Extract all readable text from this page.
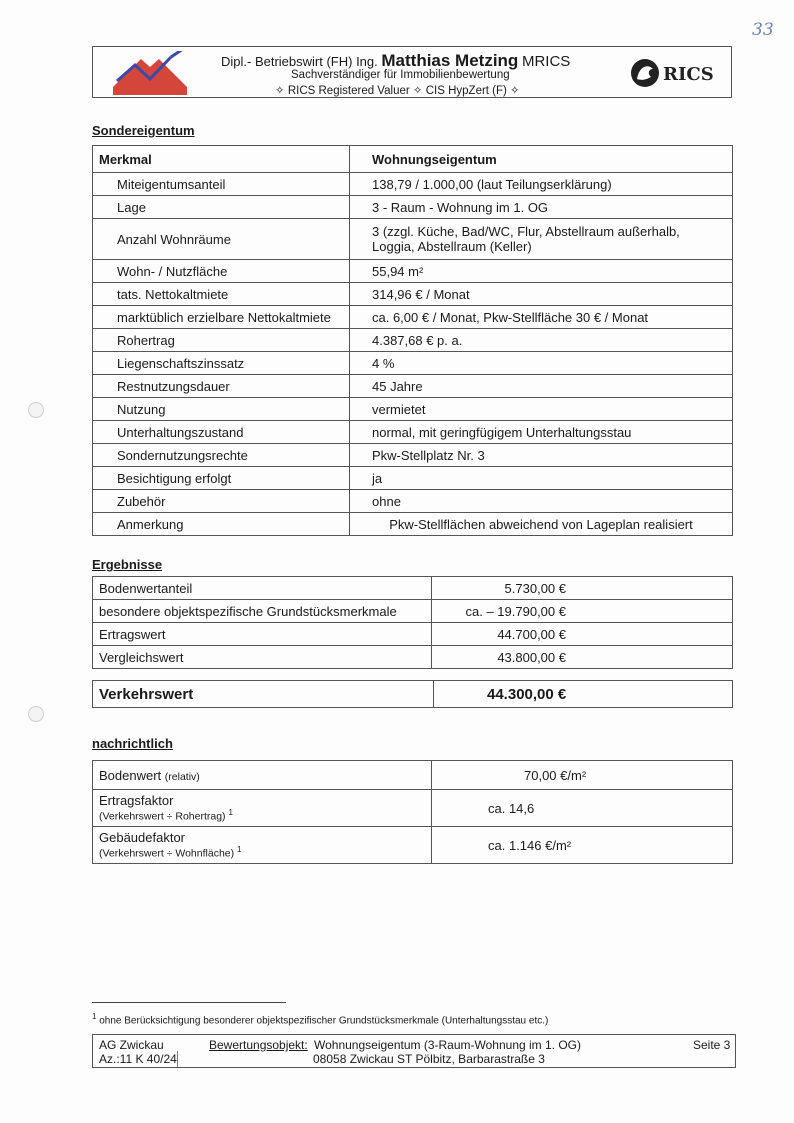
33
Dipl.- Betriebswirt (FH) Ing. Matthias Metzing MRICS
Sachverständiger für Immobilienbewertung
✧ RICS Registered Valuer ✧ CIS HypZert (F) ✧
RICS
Sondereigentum
Merkmal	Wohnungseigentum
Miteigentumsanteil	138,79 / 1.000,00 (laut Teilungserklärung)
Lage	3 - Raum - Wohnung im 1. OG
Anzahl Wohnräume	3 (zzgl. Küche, Bad/WC, Flur, Abstellraum außerhalb, Loggia, Abstellraum (Keller)
Wohn- / Nutzfläche	55,94 m²
tats. Nettokaltmiete	314,96 € / Monat
marktüblich erzielbare Nettokaltmiete	ca. 6,00 € / Monat, Pkw-Stellfläche 30 € / Monat
Rohertrag	4.387,68 € p. a.
Liegenschaftszinssatz	4 %
Restnutzungsdauer	45 Jahre
Nutzung	vermietet
Unterhaltungszustand	normal, mit geringfügigem Unterhaltungsstau
Sondernutzungsrechte	Pkw-Stellplatz Nr. 3
Besichtigung erfolgt	ja
Zubehör	ohne
Anmerkung	Pkw-Stellflächen abweichend von Lageplan realisiert
Ergebnisse
Bodenwertanteil	5.730,00 €
besondere objektspezifische Grundstücksmerkmale	ca. – 19.790,00 €
Ertragswert	44.700,00 €
Vergleichswert	43.800,00 €
Verkehrswert	44.300,00 €
nachrichtlich
Bodenwert (relativ)	70,00 €/m²
Ertragsfaktor
(Verkehrswert ÷ Rohertrag) $^1$	ca. 14,6
Gebäudefaktor
(Verkehrswert ÷ Wohnfläche) $^1$	ca. 1.146 €/m²
$^1$ ohne Berücksichtigung besonderer objektspezifischer Grundstücksmerkmale (Unterhaltungsstau etc.)
AG Zwickau
Az.:11 K 40/24
Bewertungsobjekt: Wohnungseigentum (3-Raum-Wohnung im 1. OG)
08058 Zwickau ST Pölbitz, Barbarastraße 3
Seite 3
